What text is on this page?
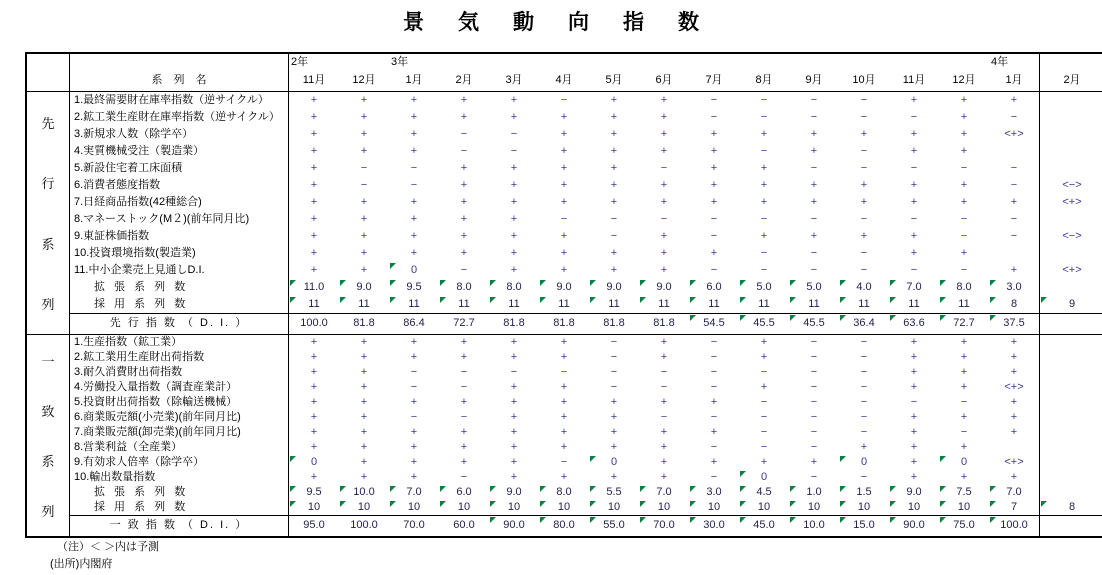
景気動向指数
2年	3年	4年
系　列　名	11月	12月	1月	2月	3月	4月	5月	6月	7月	8月	9月	10月	11月	12月	1月	2月
先
行
系
列
1.最終需要財在庫率指数（逆サイクル）	+	+	+	+	+	−	+	+	−	−	−	−	+	+	+
2.鉱工業生産財在庫率指数（逆サイクル）	+	+	+	+	+	+	+	+	−	−	−	−	−	+	−
3.新規求人数（除学卒）	+	+	+	−	−	+	+	+	+	+	+	+	+	+	<+>
4.実質機械受注（製造業）	+	+	+	−	−	+	+	+	+	−	+	−	+	+
5.新設住宅着工床面積	+	−	−	+	+	+	+	−	+	+	−	−	−	−	−
6.消費者態度指数	+	−	−	+	+	+	+	+	+	+	+	+	+	+	−	<−>
7.日経商品指数(42種総合)	+	+	+	+	+	+	+	+	+	+	+	+	+	+	+	<+>
8.マネーストック(M２)(前年同月比)	+	+	+	+	+	−	−	−	−	−	−	−	−	−	−
9.東証株価指数	+	+	+	+	+	+	−	+	−	+	+	+	+	−	−	<−>
10.投資環境指数(製造業)	+	+	+	+	+	+	+	+	+	−	−	−	+	+
11.中小企業売上見通しD.I.	+	+	0	−	+	+	+	+	−	−	−	−	−	−	+	<+>
拡 張 系 列 数	11.0	9.0	9.5	8.0	8.0	9.0	9.0	9.0	6.0	5.0	5.0	4.0	7.0	8.0	3.0
採 用 系 列 数	11	11	11	11	11	11	11	11	11	11	11	11	11	11	8	9
先 行 指 数 （ D. I. ）	100.0	81.8	86.4	72.7	81.8	81.8	81.8	81.8	54.5	45.5	45.5	36.4	63.6	72.7	37.5
一
致
系
列
1.生産指数（鉱工業）	+	+	+	+	+	+	−	+	−	+	−	−	+	+	+
2.鉱工業用生産財出荷指数	+	+	+	+	+	+	−	+	−	+	−	−	+	+	+
3.耐久消費財出荷指数	+	+	−	−	−	−	−	−	−	−	−	−	+	+	+
4.労働投入量指数（調査産業計）	+	+	−	−	+	+	−	−	−	+	−	−	+	+	<+>
5.投資財出荷指数（除輸送機械）	+	+	+	+	+	+	+	+	+	−	−	−	−	−	+
6.商業販売額(小売業)(前年同月比)	+	+	−	−	+	+	+	−	−	−	−	−	+	+	+
7.商業販売額(卸売業)(前年同月比)	+	+	+	+	+	+	+	+	+	−	−	−	+	−	+
8.営業利益（全産業）	+	+	+	+	+	+	+	+	−	−	−	+	+	+
9.有効求人倍率（除学卒）	0	+	+	+	+	−	0	+	+	+	+	0	+	0	<+>
10.輸出数量指数	+	+	+	−	+	+	+	+	−	0	−	−	+	+	+
拡 張 系 列 数	9.5	10.0	7.0	6.0	9.0	8.0	5.5	7.0	3.0	4.5	1.0	1.5	9.0	7.5	7.0
採 用 系 列 数	10	10	10	10	10	10	10	10	10	10	10	10	10	10	7	8
一 致 指 数 （ D. I. ）	95.0	100.0	70.0	60.0	90.0	80.0	55.0	70.0	30.0	45.0	10.0	15.0	90.0	75.0	100.0
（注）＜ ＞内は予測
(出所)内閣府
